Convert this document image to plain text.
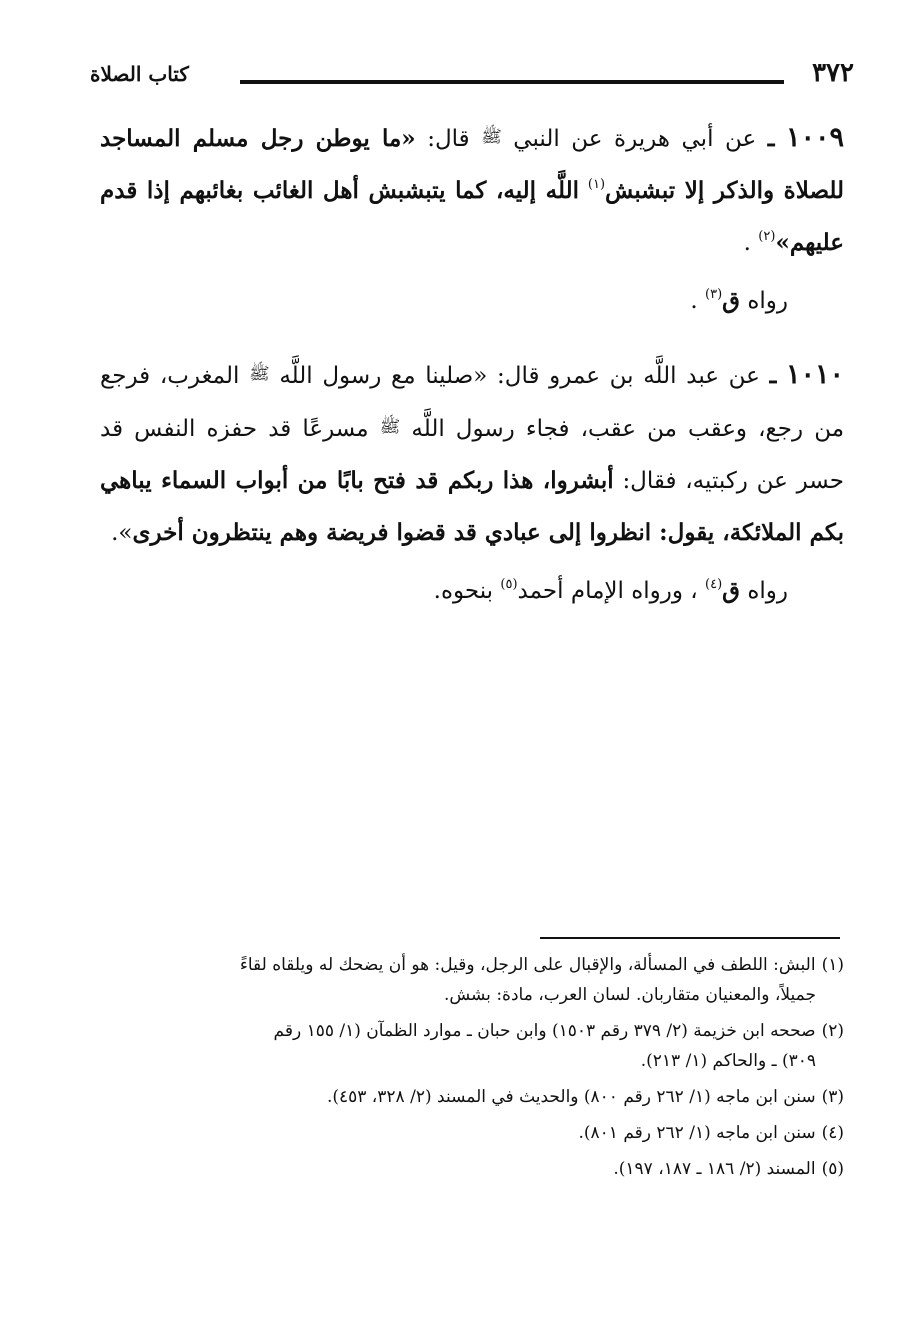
٣٧٢
كتاب الصلاة

١٠٠٩ ـ عن أبي هريرة عن النبي ﷺ قال: «ما يوطن رجل مسلم المساجد للصلاة والذكر إلا تبشبش$^{(١)}$ اللَّه إليه، كما يتبشبش أهل الغائب بغائبهم إذا قدم عليهم»$^{(٢)}$ .

رواه ق$^{(٣)}$ .

١٠١٠ ـ عن عبد اللَّه بن عمرو قال: «صلينا مع رسول اللَّه ﷺ المغرب، فرجع من رجع، وعقب من عقب، فجاء رسول اللَّه ﷺ مسرعًا قد حفزه النفس قد حسر عن ركبتيه، فقال: أبشروا، هذا ربكم قد فتح بابًا من أبواب السماء يباهي بكم الملائكة، يقول: انظروا إلى عبادي قد قضوا فريضة وهم ينتظرون أخرى».

رواه ق$^{(٤)}$ ، ورواه الإمام أحمد$^{(٥)}$ بنحوه.

(١)البش: اللطف في المسألة، والإقبال على الرجل، وقيل: هو أن يضحك له ويلقاه لقاءً
جميلاً، والمعنيان متقاربان. لسان العرب، مادة: بشش.

(٢)صححه ابن خزيمة (٢/ ٣٧٩ رقم ١٥٠٣) وابن حبان ـ موارد الظمآن (١/ ١٥٥ رقم
٣٠٩) ـ والحاكم (١/ ٢١٣).

(٣)سنن ابن ماجه (١/ ٢٦٢ رقم ٨٠٠) والحديث في المسند (٢/ ٣٢٨، ٤٥٣).

(٤)سنن ابن ماجه (١/ ٢٦٢ رقم ٨٠١).

(٥)المسند (٢/ ١٨٦ ـ ١٨٧، ١٩٧).
